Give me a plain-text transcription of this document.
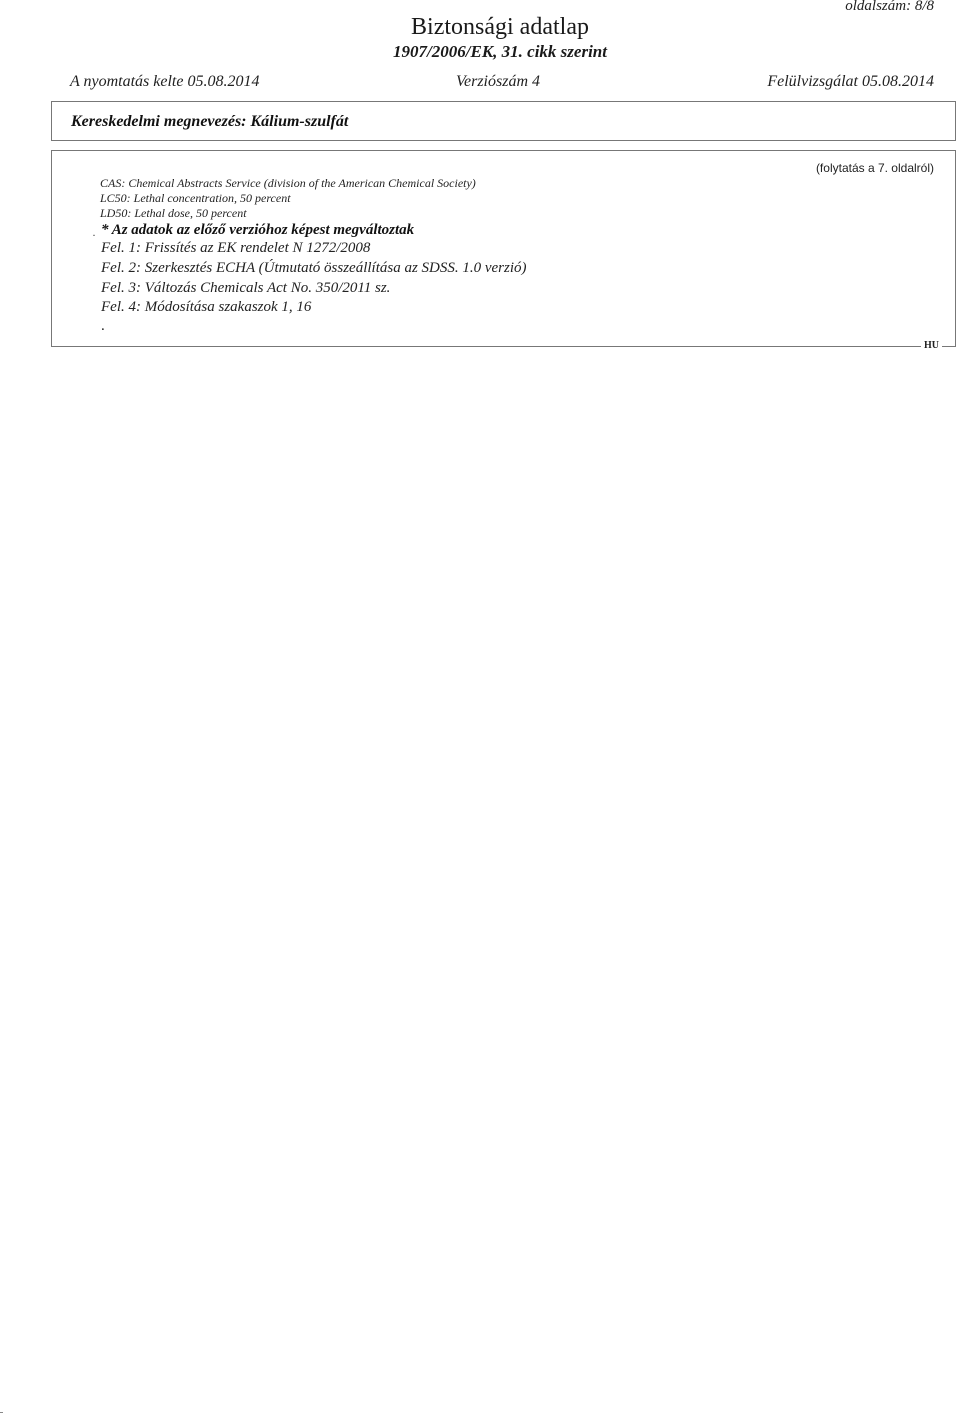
oldalszám: 8/8
Biztonsági adatlap
1907/2006/EK, 31. cikk szerint
A nyomtatás kelte 05.08.2014	Verziószám 4	Felülvizsgálat 05.08.2014
Kereskedelmi megnevezés: Kálium-szulfát
HU
(folytatás a 7. oldalról)
CAS: Chemical Abstracts Service (division of the American Chemical Society)
LC50: Lethal concentration, 50 percent
LD50: Lethal dose, 50 percent
· * Az adatok az előző verzióhoz képest megváltoztak
Fel. 1: Frissítés az EK rendelet N 1272/2008
Fel. 2: Szerkesztés ECHA (Útmutató összeállítása az SDSS. 1.0 verzió)
Fel. 3: Változás Chemicals Act No. 350/2011 sz.
Fel. 4: Módosítása szakaszok 1, 16
.
